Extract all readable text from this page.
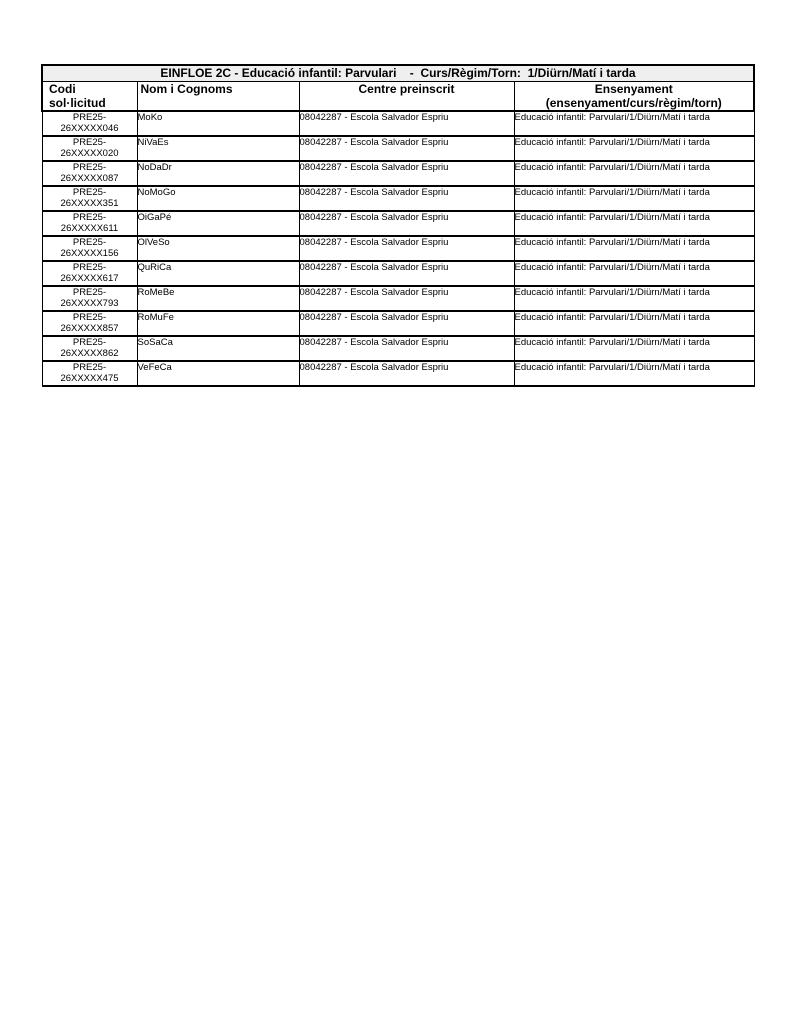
EINFLOE 2C - Educació infantil: Parvulari    -  Curs/Règim/Torn:  1/Diürn/Matí i tarda			

Codi
sol·licitud	Nom i Cognoms	Centre preinscrit	Ensenyament
(ensenyament/curs/règim/torn)

PRE25-
26XXXXX046	MoKo	08042287 - Escola Salvador Espriu	Educació infantil: Parvulari/1/Diürn/Matí i tarda

PRE25-
26XXXXX020	NiVaEs	08042287 - Escola Salvador Espriu	Educació infantil: Parvulari/1/Diürn/Matí i tarda

PRE25-
26XXXXX087	NoDaDr	08042287 - Escola Salvador Espriu	Educació infantil: Parvulari/1/Diürn/Matí i tarda

PRE25-
26XXXXX351	NoMoGo	08042287 - Escola Salvador Espriu	Educació infantil: Parvulari/1/Diürn/Matí i tarda

PRE25-
26XXXXX611	OiGaPé	08042287 - Escola Salvador Espriu	Educació infantil: Parvulari/1/Diürn/Matí i tarda

PRE25-
26XXXXX156	OlVeSo	08042287 - Escola Salvador Espriu	Educació infantil: Parvulari/1/Diürn/Matí i tarda

PRE25-
26XXXXX617	QuRiCa	08042287 - Escola Salvador Espriu	Educació infantil: Parvulari/1/Diürn/Matí i tarda

PRE25-
26XXXXX793	RoMeBe	08042287 - Escola Salvador Espriu	Educació infantil: Parvulari/1/Diürn/Matí i tarda

PRE25-
26XXXXX857	RoMuFe	08042287 - Escola Salvador Espriu	Educació infantil: Parvulari/1/Diürn/Matí i tarda

PRE25-
26XXXXX862	SoSaCa	08042287 - Escola Salvador Espriu	Educació infantil: Parvulari/1/Diürn/Matí i tarda

PRE25-
26XXXXX475	VeFeCa	08042287 - Escola Salvador Espriu	Educació infantil: Parvulari/1/Diürn/Matí i tarda
